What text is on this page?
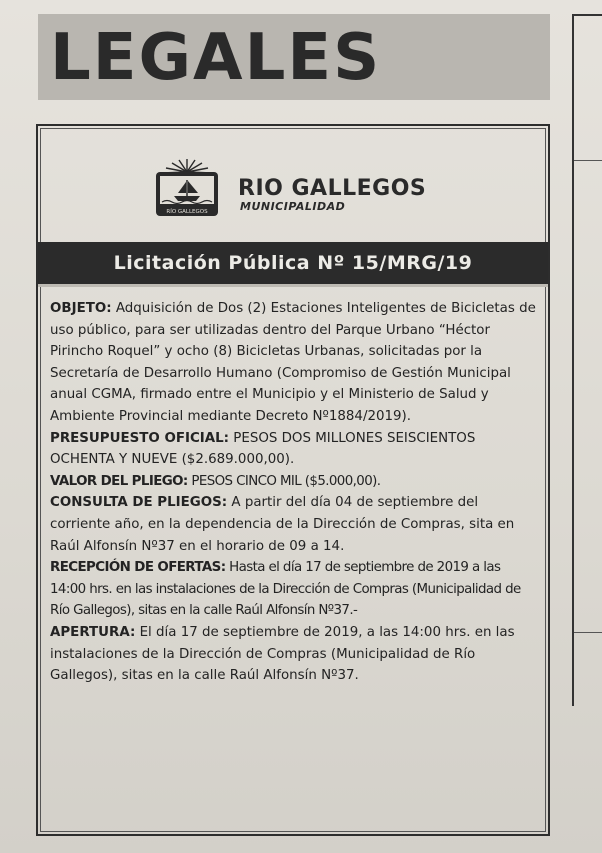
LEGALES
RÍO GALLEGOS
RIO GALLEGOS
MUNICIPALIDAD
Licitación Pública Nº 15/MRG/19

OBJETO: Adquisición de Dos (2) Estaciones Inteligentes de Bicicletas de uso público, para ser utilizadas dentro del Parque Urbano “Héctor Pirincho Roquel” y ocho (8) Bicicletas Urbanas, solicitadas por la Secretaría de Desarrollo Humano (Compromiso de Gestión Municipal anual CGMA, firmado entre el Municipio y el Ministerio de Salud y Ambiente Provincial mediante Decreto Nº1884/2019).

PRESUPUESTO OFICIAL: PESOS DOS MILLONES SEISCIENTOS OCHENTA Y NUEVE ($2.689.000,00).

VALOR DEL PLIEGO: PESOS CINCO MIL ($5.000,00).

CONSULTA DE PLIEGOS: A partir del día 04 de septiembre del corriente año, en la dependencia de la Dirección de Compras, sita en Raúl Alfonsín Nº37 en el horario de 09 a 14.

RECEPCIÓN DE OFERTAS: Hasta el día 17 de septiembre de 2019 a las 14:00 hrs. en las instalaciones de la Dirección de Compras (Municipalidad de Río Gallegos), sitas en la calle Raúl Alfonsín Nº37.-

APERTURA: El día 17 de septiembre de 2019, a las 14:00 hrs. en las instalaciones de la Dirección de Compras (Municipalidad de Río Gallegos), sitas en la calle Raúl Alfonsín Nº37.
